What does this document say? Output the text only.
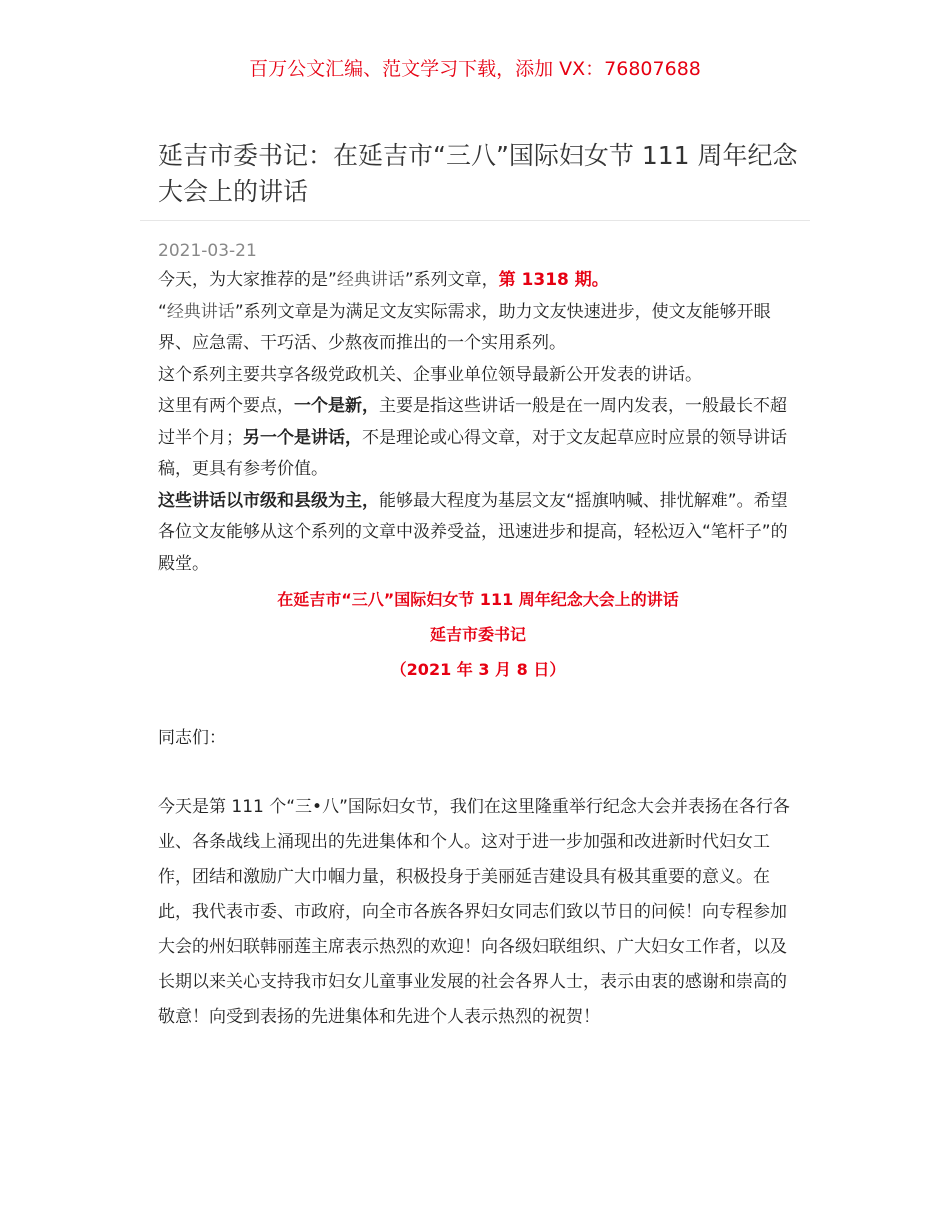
百万公文汇编、范文学习下载，添加 VX：76807688
延吉市委书记：在延吉市“三八”国际妇女节 111 周年纪念大会上的讲话
2021-03-21

今天，为大家推荐的是”经典讲话”系列文章，第 1318 期。

“经典讲话”系列文章是为满足文友实际需求，助力文友快速进步，使文友能够开眼界、应急需、干巧活、少熬夜而推出的一个实用系列。

这个系列主要共享各级党政机关、企事业单位领导最新公开发表的讲话。

这里有两个要点，一个是新，主要是指这些讲话一般是在一周内发表，一般最长不超过半个月；另一个是讲话，不是理论或心得文章，对于文友起草应时应景的领导讲话稿，更具有参考价值。

这些讲话以市级和县级为主，能够最大程度为基层文友“摇旗呐喊、排忧解难”。希望各位文友能够从这个系列的文章中汲养受益，迅速进步和提高，轻松迈入“笔杆子”的殿堂。

在延吉市“三八”国际妇女节 111 周年纪念大会上的讲话
延吉市委书记
（2021 年 3 月 8 日）

同志们：

今天是第 111 个“三•八”国际妇女节，我们在这里隆重举行纪念大会并表扬在各行各业、各条战线上涌现出的先进集体和个人。这对于进一步加强和改进新时代妇女工作，团结和激励广大巾帼力量，积极投身于美丽延吉建设具有极其重要的意义。在此，我代表市委、市政府，向全市各族各界妇女同志们致以节日的问候！向专程参加大会的州妇联韩丽莲主席表示热烈的欢迎！向各级妇联组织、广大妇女工作者，以及长期以来关心支持我市妇女儿童事业发展的社会各界人士，表示由衷的感谢和崇高的敬意！向受到表扬的先进集体和先进个人表示热烈的祝贺！
